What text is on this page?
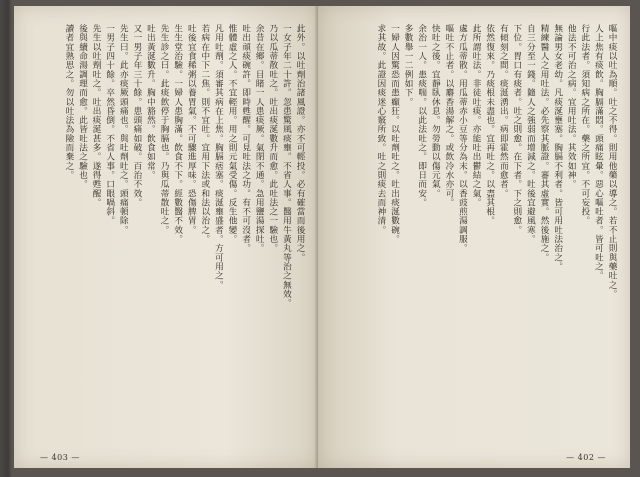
此外。以吐劑治諸風證。亦不可輕投。必有確當而後用之。
一女子年二十許。忽患驚風痰壅。不省人事。醫用牛黃丸等治之無效。
乃以瓜蒂散吐之。吐出痰涎數升而愈。此吐法之一驗也。
余昔在鄉。目睹一人患痰厥。氣閉不通。急用鹽湯探吐。
吐出頑痰碗許。即時甦醒。可見吐法之功。有不可沒者。
惟體虛之人。不宜輕用。用之則元氣受傷。反生他變。
凡用吐劑。須審其病在上焦。胸膈痞塞。痰涎壅盛者。方可用之。
若病在中下二焦。則不宜吐。宜用下法或和法以治之。
吐後宜食稀粥以養胃氣。不可驟進厚味。恐傷脾胃。
生生堂治驗。一婦人患胸滿。飲食不下。經數醫不效。
先生診之曰。此痰飲停于胸膈也。乃與瓜蒂散吐之。
吐出黃涎數升。胸中豁然。飲食如常。
又一男子年三十餘。患頭痛如破。百治不效。
先生曰。此亦痰厥頭痛也。與吐劑吐之。頭痛頓除。
一男子四十餘。卒然昏倒。不省人事。口眼喎斜。
先生以吐劑吐之。吐出痰涎甚多。遂得甦醒。
後與續命湯調理而愈。此皆吐法之驗也。
讀者宜熟思之。勿以吐法為險而棄之。
— 403 —
嘔中痰以吐為順。吐之不得。則用他藥以導之。若不止則與藥吐之。
人上焦有痰飲。胸膈滿悶。頭痛眩暈。惡心嘔吐者。皆可吐之。
行此法者。須知病之所在。藥之所宜。不可妄投。
他法不可治之病。宜用吐法。其效如神。
無論男女老幼。凡痰涎壅塞。胸膈不利者。皆可用吐法治之。
精練醫人之用吐法。必先察其脈證。審其虛實。然後施之。
自三分至一錢。隨人之強弱而增減之。吐後宜避風寒。
下位。胃口有痰者。吐之則愈。在下者。下之則愈。
有傾刻之間。痰涎湧出。病即霍然而愈者。
依然復來。乃痰根未盡也。宜再吐之。以盡其根。
此所謂吐法。非徒吐痰。亦能吐出鬱結之氣。
處方瓜蒂散。用瓜蒂赤小豆等分為末。以香豉煎湯調服。
嘔吐不止者。以麝香湯解之。或飲冷水亦可。
快吐之後。宜靜臥休息。勿勞動以傷元氣。
余治一人。患痰喘。以此法吐之。即日而安。
多數舉一二例如下。
一婦人因驚恐而患癲狂。以吐劑吐之。吐出痰涎數碗。
求其故。此證因痰迷心竅所致。吐之則痰去而神清。
— 402 —
